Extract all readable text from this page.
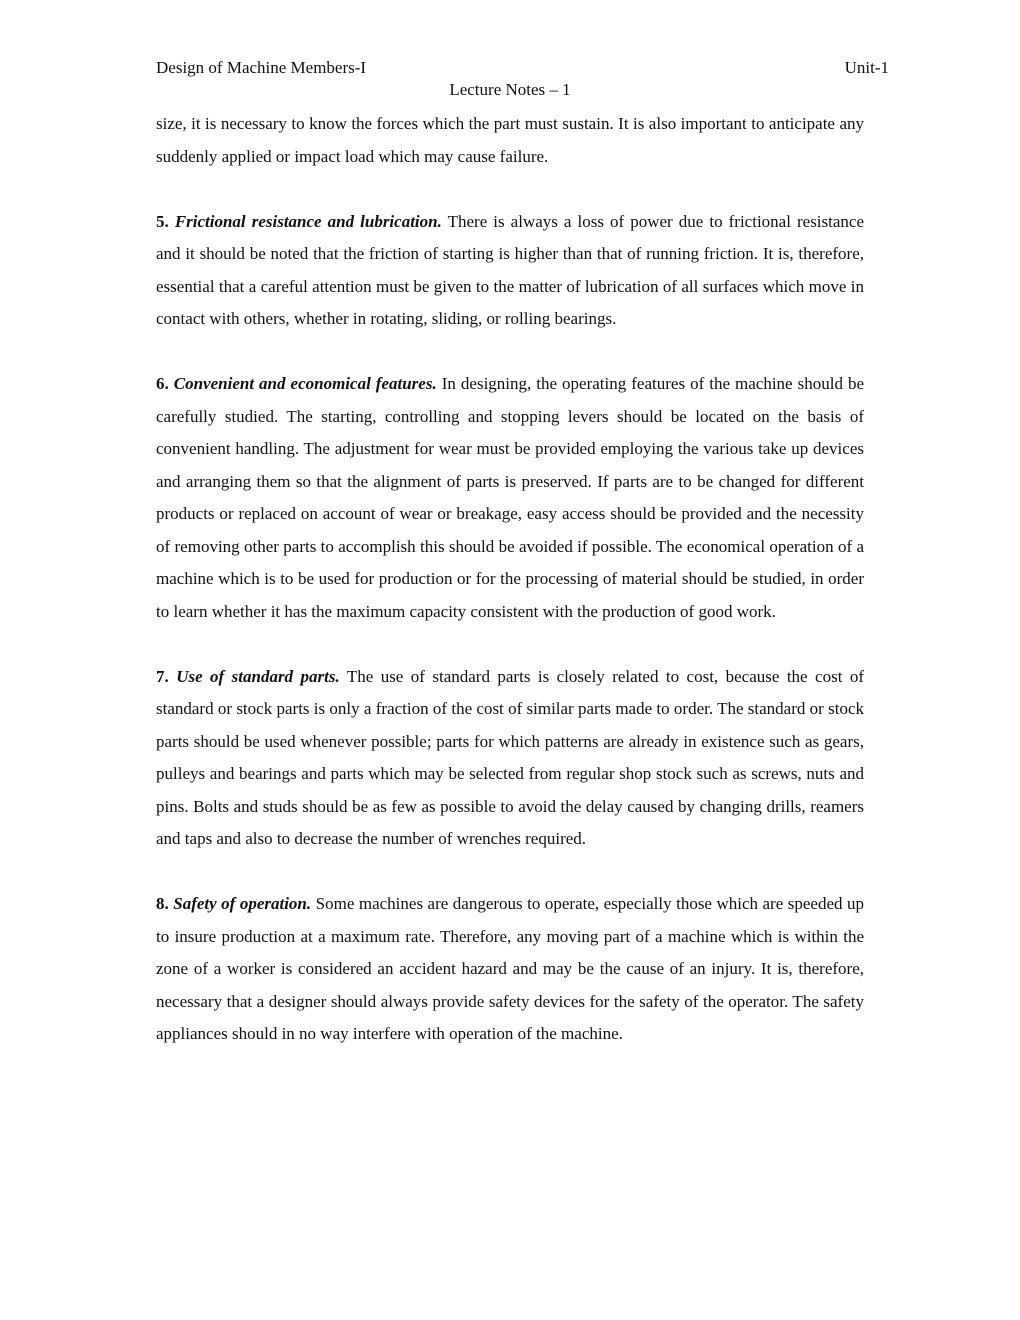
Design of Machine Members-I	Unit-1
Lecture Notes – 1

size, it is necessary to know the forces which the part must sustain. It is also important to anticipate any suddenly applied or impact load which may cause failure.

5. Frictional resistance and lubrication. There is always a loss of power due to frictional resistance and it should be noted that the friction of starting is higher than that of running friction. It is, therefore, essential that a careful attention must be given to the matter of lubrication of all surfaces which move in contact with others, whether in rotating, sliding, or rolling bearings.

6. Convenient and economical features. In designing, the operating features of the machine should be carefully studied. The starting, controlling and stopping levers should be located on the basis of convenient handling. The adjustment for wear must be provided employing the various take up devices and arranging them so that the alignment of parts is preserved. If parts are to be changed for different products or replaced on account of wear or breakage, easy access should be provided and the necessity of removing other parts to accomplish this should be avoided if possible. The economical operation of a machine which is to be used for production or for the processing of material should be studied, in order to learn whether it has the maximum capacity consistent with the production of good work.

7. Use of standard parts. The use of standard parts is closely related to cost, because the cost of standard or stock parts is only a fraction of the cost of similar parts made to order. The standard or stock parts should be used whenever possible; parts for which patterns are already in existence such as gears, pulleys and bearings and parts which may be selected from regular shop stock such as screws, nuts and pins. Bolts and studs should be as few as possible to avoid the delay caused by changing drills, reamers and taps and also to decrease the number of wrenches required.

8. Safety of operation. Some machines are dangerous to operate, especially those which are speeded up to insure production at a maximum rate. Therefore, any moving part of a machine which is within the zone of a worker is considered an accident hazard and may be the cause of an injury. It is, therefore, necessary that a designer should always provide safety devices for the safety of the operator. The safety appliances should in no way interfere with operation of the machine.
